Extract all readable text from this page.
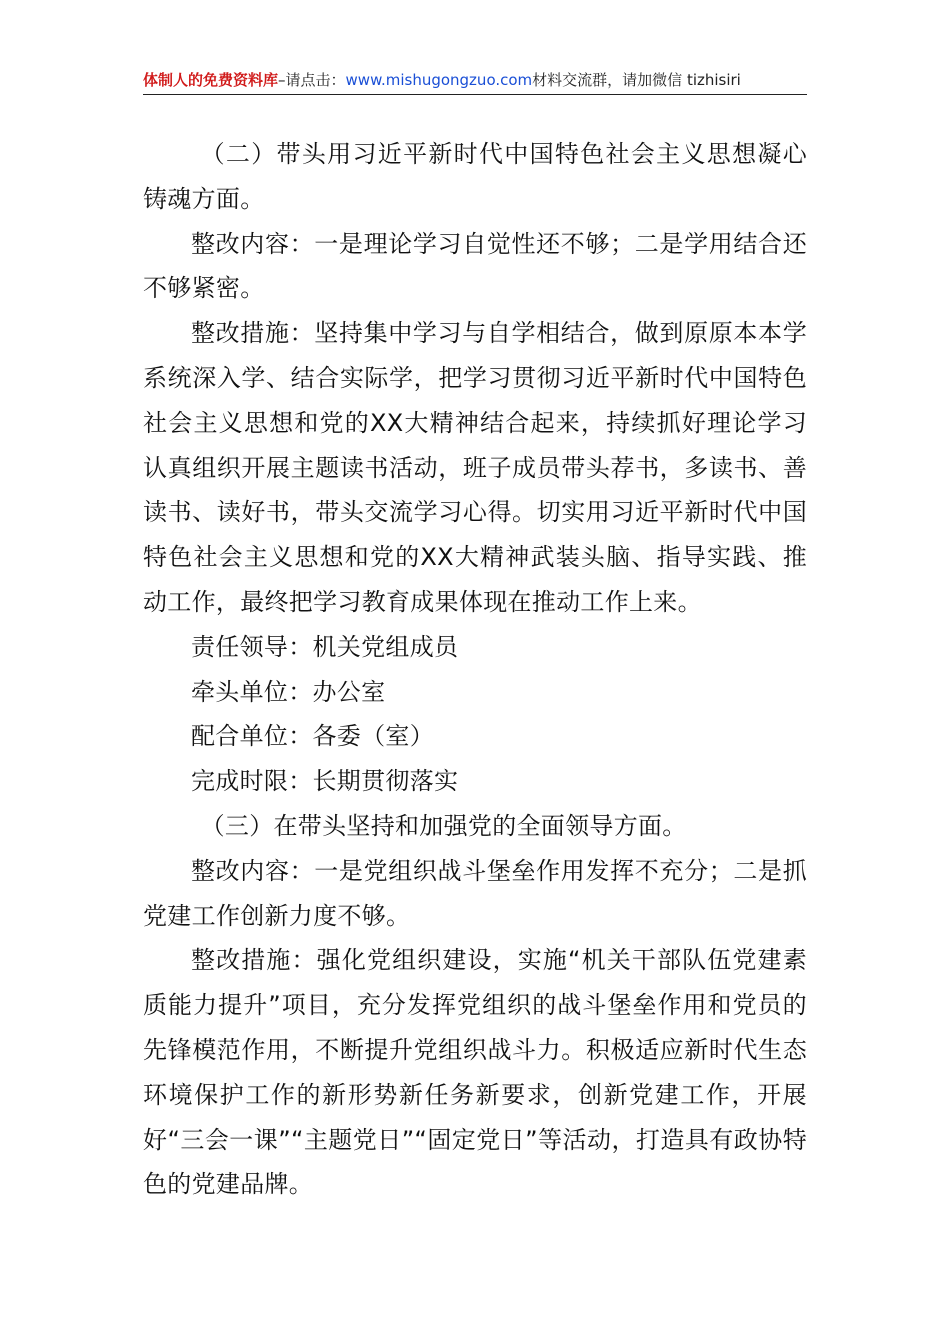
体制人的免费资料库–请点击：www.mishugongzuo.com材料交流群，请加微信 tizhisiri

（二）带头用习近平新时代中国特色社会主义思想凝心铸魂方面。

整改内容：一是理论学习自觉性还不够；二是学用结合还不够紧密。

整改措施：坚持集中学习与自学相结合，做到原原本本学系统深入学、结合实际学，把学习贯彻习近平新时代中国特色社会主义思想和党的XX大精神结合起来，持续抓好理论学习认真组织开展主题读书活动，班子成员带头荐书，多读书、善读书、读好书，带头交流学习心得。切实用习近平新时代中国特色社会主义思想和党的XX大精神武装头脑、指导实践、推动工作，最终把学习教育成果体现在推动工作上来。

责任领导：机关党组成员

牵头单位：办公室

配合单位：各委（室）

完成时限：长期贯彻落实

（三）在带头坚持和加强党的全面领导方面。

整改内容：一是党组织战斗堡垒作用发挥不充分；二是抓党建工作创新力度不够。

整改措施：强化党组织建设，实施“机关干部队伍党建素质能力提升”项目，充分发挥党组织的战斗堡垒作用和党员的先锋模范作用，不断提升党组织战斗力。积极适应新时代生态环境保护工作的新形势新任务新要求，创新党建工作，开展好“三会一课”“主题党日”“固定党日”等活动，打造具有政协特色的党建品牌。
